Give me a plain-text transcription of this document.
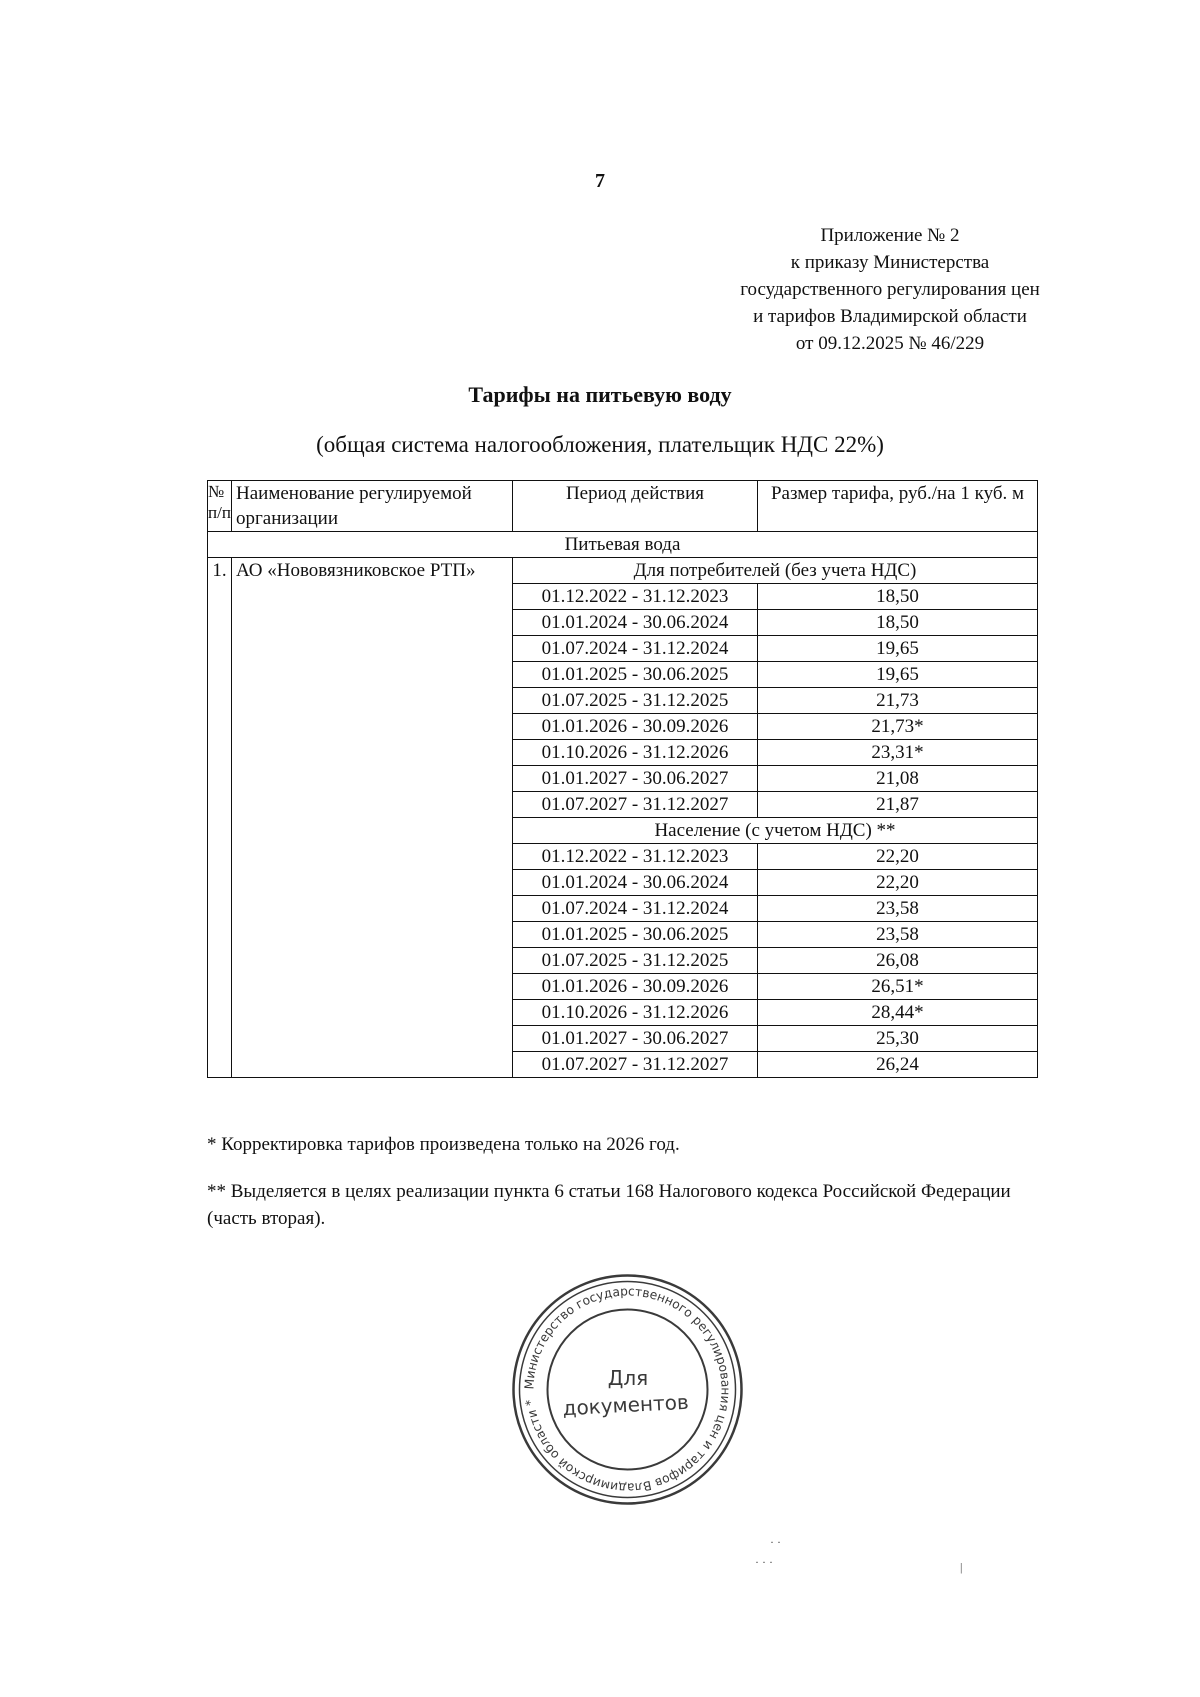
7
Приложение № 2
к приказу Министерства
государственного регулирования цен
и тарифов Владимирской области
от 09.12.2025 № 46/229
Тарифы на питьевую воду
(общая система налогообложения, плательщик НДС 22%)
№ п/п	Наименование регулируемой организации	Период действия	Размер тарифа, руб./на 1 куб. м
Питьевая вода			
1.	АО «Нововязниковское РТП»	Для потребителей (без учета НДС)	
		01.12.2022 - 31.12.2023	18,50
		01.01.2024 - 30.06.2024	18,50
		01.07.2024 - 31.12.2024	19,65
		01.01.2025 - 30.06.2025	19,65
		01.07.2025 - 31.12.2025	21,73
		01.01.2026 - 30.09.2026	21,73*
		01.10.2026 - 31.12.2026	23,31*
		01.01.2027 - 30.06.2027	21,08
		01.07.2027 - 31.12.2027	21,87
		Население (с учетом НДС) **	
		01.12.2022 - 31.12.2023	22,20
		01.01.2024 - 30.06.2024	22,20
		01.07.2024 - 31.12.2024	23,58
		01.01.2025 - 30.06.2025	23,58
		01.07.2025 - 31.12.2025	26,08
		01.01.2026 - 30.09.2026	26,51*
		01.10.2026 - 31.12.2026	28,44*
		01.01.2027 - 30.06.2027	25,30
		01.07.2027 - 31.12.2027	26,24
* Корректировка тарифов произведена только на 2026 год.
** Выделяется в целях реализации пункта 6 статьи 168 Налогового кодекса Российской Федерации (часть вторая).
Министерство государственного регулирования цен и тарифов Владимирской области *
Для
документов
· ·
· · ·	|
